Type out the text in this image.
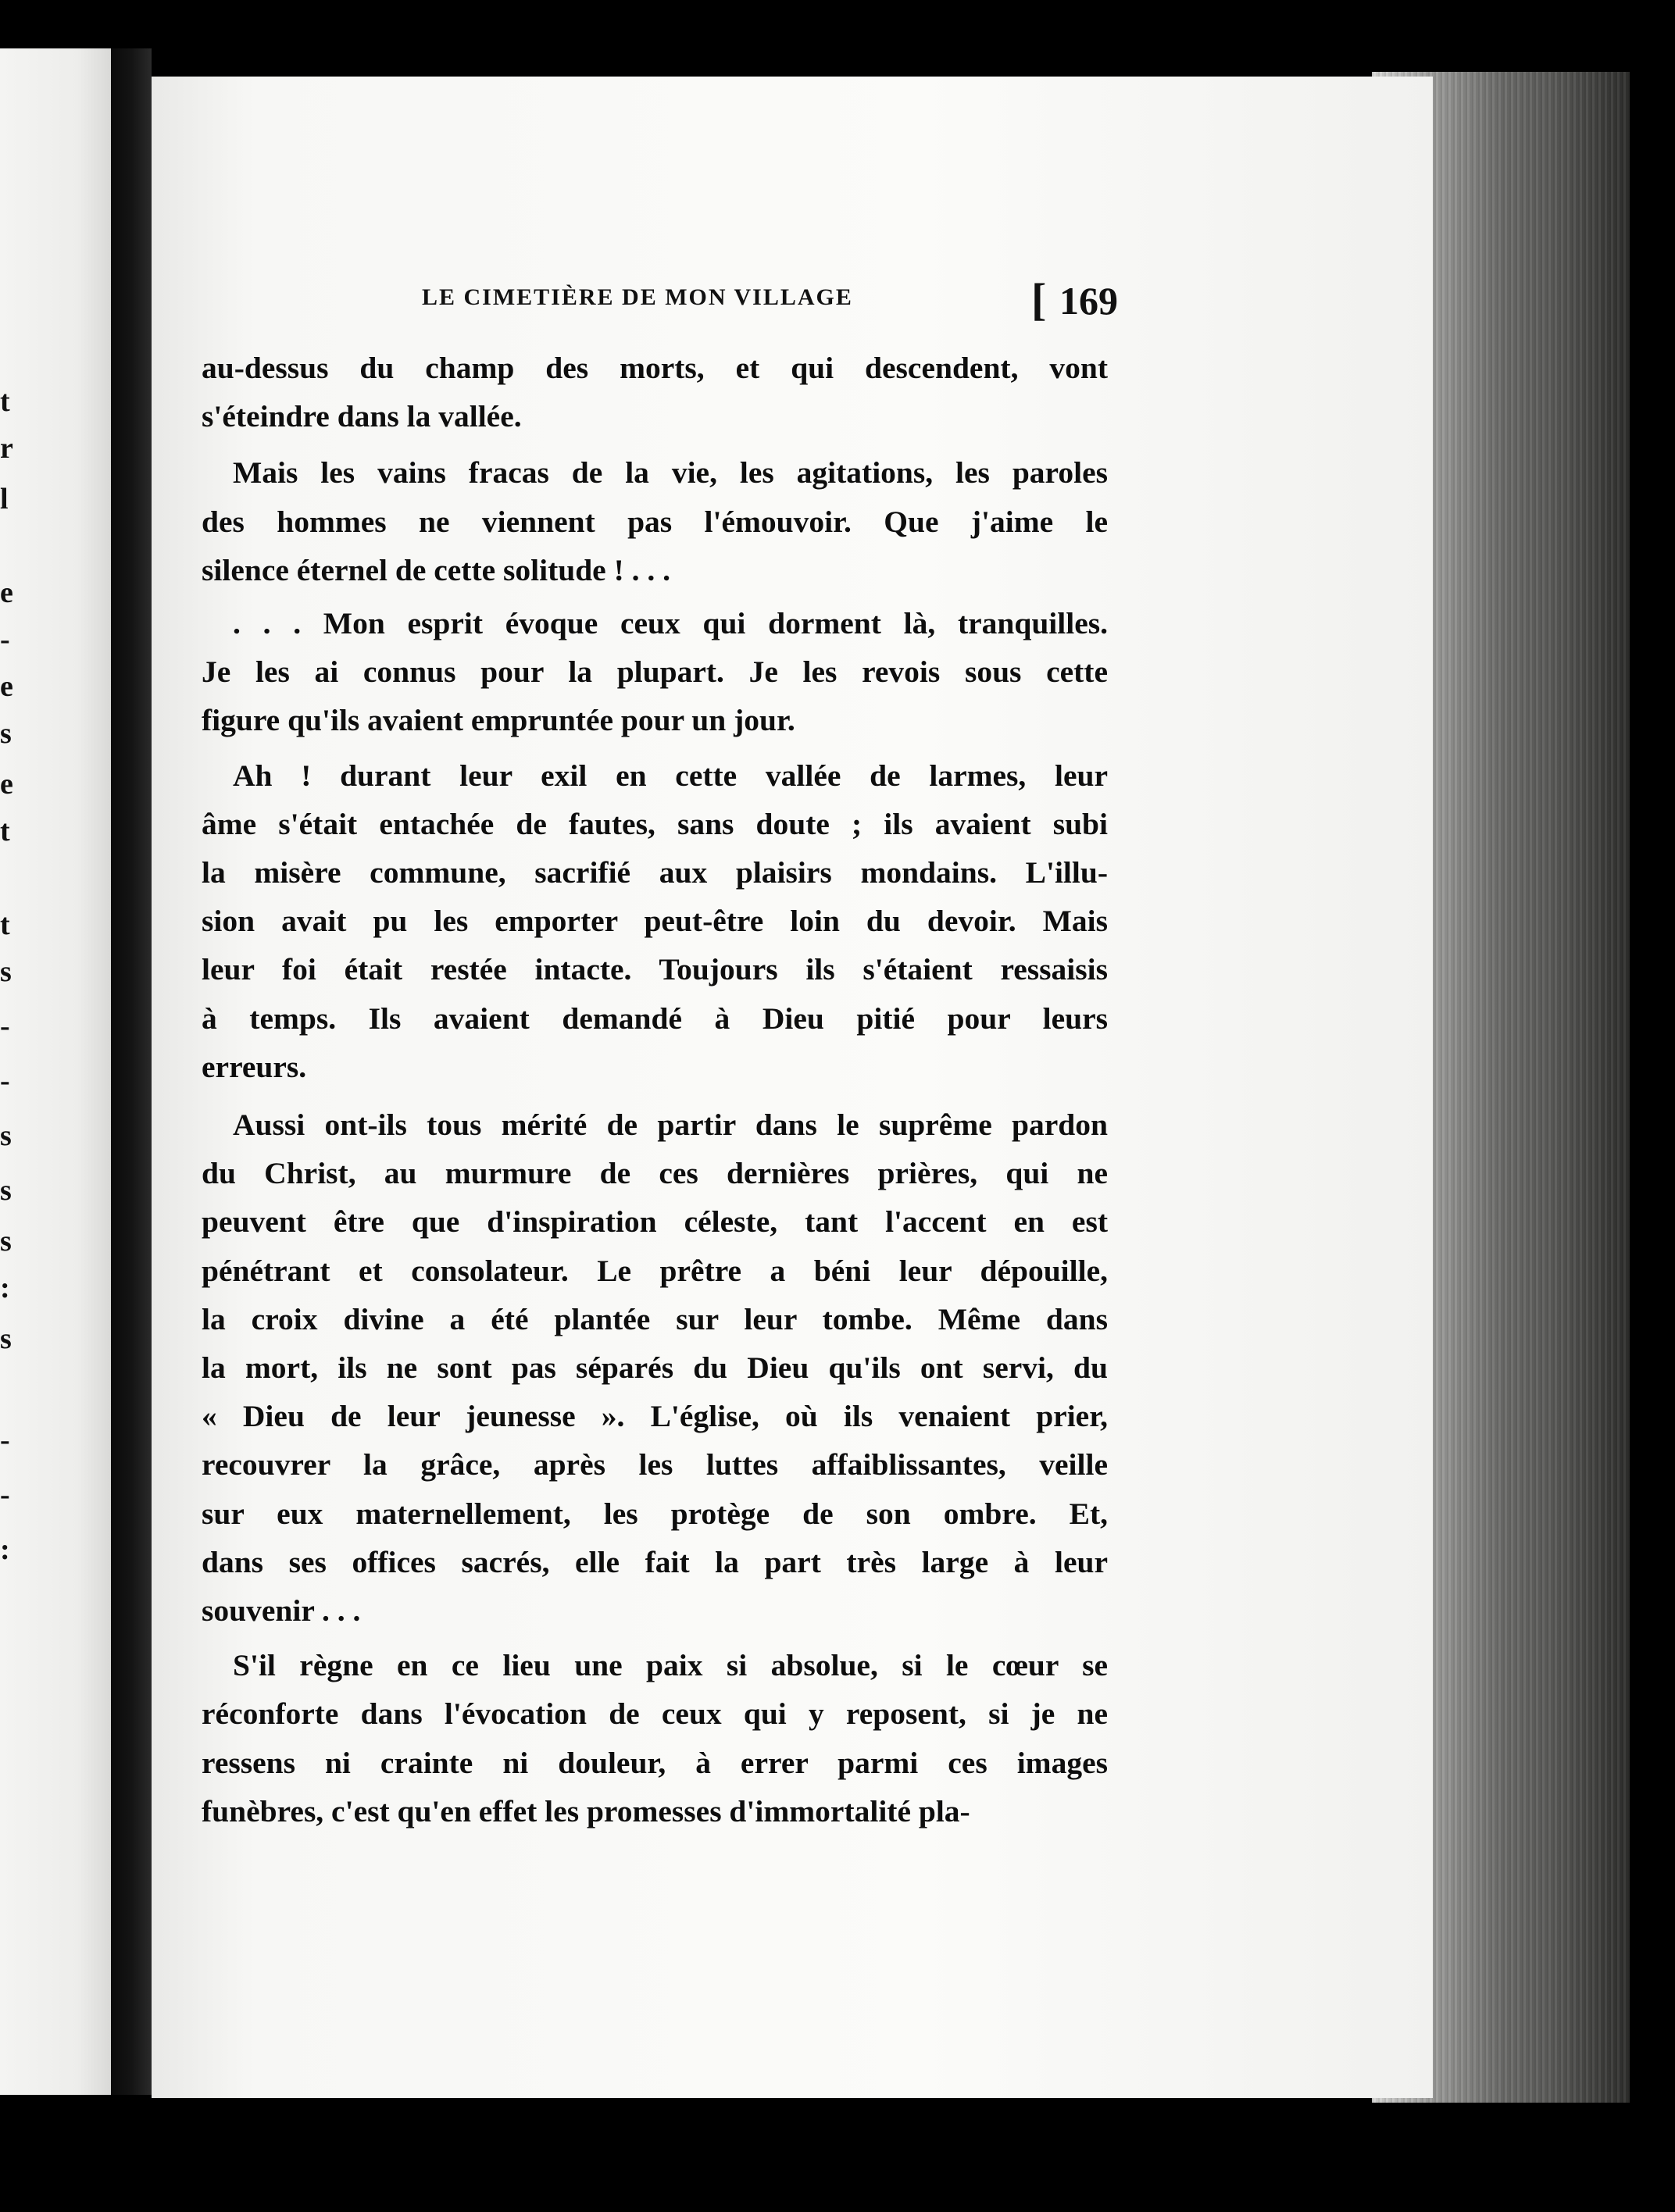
t
r
l
e
-
e
s
e
t
t
s
-
-
s
s
s
:
s
-
-
:
LE CIMETIÈRE DE MON VILLAGE	[ 169
au-dessus du champ des morts, et qui descendent, vont
s'éteindre dans la vallée.
Mais les vains fracas de la vie, les agitations, les paroles
des hommes ne viennent pas l'émouvoir. Que j'aime le
silence éternel de cette solitude ! . . .
. . . Mon esprit évoque ceux qui dorment là, tranquilles.
Je les ai connus pour la plupart. Je les revois sous cette
figure qu'ils avaient empruntée pour un jour.
Ah ! durant leur exil en cette vallée de larmes, leur
âme s'était entachée de fautes, sans doute ; ils avaient subi
la misère commune, sacrifié aux plaisirs mondains. L'illu-
sion avait pu les emporter peut-être loin du devoir. Mais
leur foi était restée intacte. Toujours ils s'étaient ressaisis
à temps. Ils avaient demandé à Dieu pitié pour leurs
erreurs.
Aussi ont-ils tous mérité de partir dans le suprême pardon
du Christ, au murmure de ces dernières prières, qui ne
peuvent être que d'inspiration céleste, tant l'accent en est
pénétrant et consolateur. Le prêtre a béni leur dépouille,
la croix divine a été plantée sur leur tombe. Même dans
la mort, ils ne sont pas séparés du Dieu qu'ils ont servi, du
« Dieu de leur jeunesse ». L'église, où ils venaient prier,
recouvrer la grâce, après les luttes affaiblissantes, veille
sur eux maternellement, les protège de son ombre. Et,
dans ses offices sacrés, elle fait la part très large à leur
souvenir . . .
S'il règne en ce lieu une paix si absolue, si le cœur se
réconforte dans l'évocation de ceux qui y reposent, si je ne
ressens ni crainte ni douleur, à errer parmi ces images
funèbres, c'est qu'en effet les promesses d'immortalité pla-
